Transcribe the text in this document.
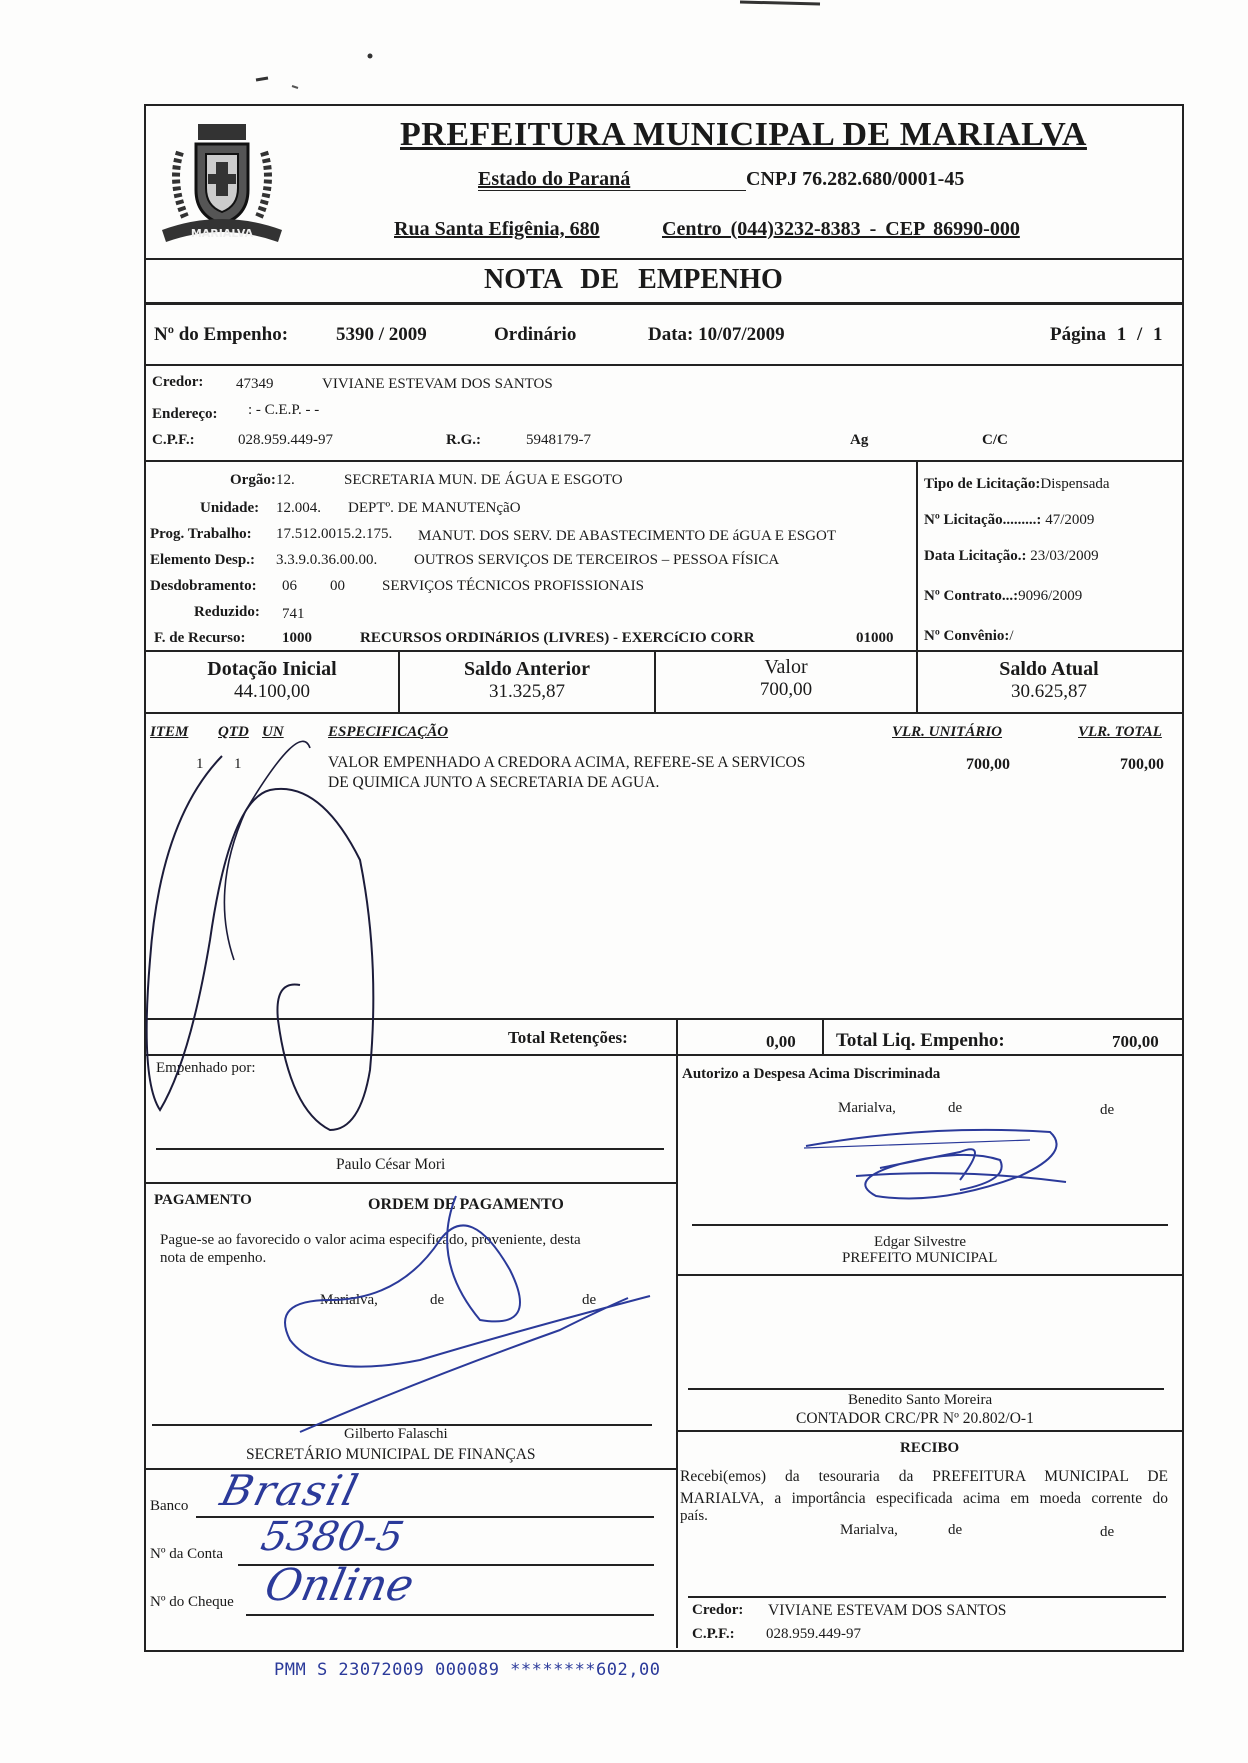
MARIALVA
PREFEITURA MUNICIPAL DE MARIALVA
Estado do Paraná	CNPJ 76.282.680/0001-45
Rua Santa Efigênia, 680	Centro (044)3232-8383 - CEP 86990-000
NOTA DE EMPENHO
Nº do Empenho:	5390 / 2009	Ordinário	Data: 10/07/2009	Página 1 / 1
Credor: 47349	VIVIANE ESTEVAM DOS SANTOS
Endereço: : - C.E.P. - -
C.P.F.:	028.959.449-97	R.G.:	5948179-7	Ag	C/C
Orgão: 12.	SECRETARIA MUN. DE ÁGUA E ESGOTO
Unidade: 12.004. DEPTº. DE MANUTENçãO
Prog. Trabalho: 17.512.0015.2.175. MANUT. DOS SERV. DE ABASTECIMENTO DE áGUA E ESGOT
Elemento Desp.: 3.3.9.0.36.00.00. OUTROS SERVIÇOS DE TERCEIROS – PESSOA FÍSICA
Desdobramento: 06 00 SERVIÇOS TÉCNICOS PROFISSIONAIS
Reduzido: 741
F. de Recurso: 1000	RECURSOS ORDINáRIOS (LIVRES) - EXERCíCIO CORR	01000
Tipo de Licitação:Dispensada
Nº Licitação.........: 47/2009
Data Licitação.: 23/03/2009
Nº Contrato...:9096/2009
Nº Convênio:/
Dotação Inicial
44.100,00
Saldo Anterior
31.325,87
Valor
700,00
Saldo Atual
30.625,87
ITEM QTD UN	ESPECIFICAÇÃO	VLR. UNITÁRIO	VLR. TOTAL
1 1	VALOR EMPENHADO A CREDORA ACIMA, REFERE-SE A SERVICOS
DE QUIMICA JUNTO A SECRETARIA DE AGUA.
700,00	700,00
Total Retenções:	0,00 Total Liq. Empenho:	700,00
Empenhado por:
Paulo César Mori
Autorizo a Despesa Acima Discriminada
Marialva,	de	de
Edgar Silvestre
PREFEITO MUNICIPAL
Benedito Santo Moreira
CONTADOR CRC/PR Nº 20.802/O-1
RECIBO
Recebi(emos) da tesouraria da PREFEITURA MUNICIPAL DE
MARIALVA, a importância especificada acima em moeda corrente do
país.
Marialva,	de	de
Credor: VIVIANE ESTEVAM DOS SANTOS
C.P.F.: 028.959.449-97
PAGAMENTO	ORDEM DE PAGAMENTO
Pague-se ao favorecido o valor acima especificado, proveniente, desta
nota de empenho.
Marialva,	de	de
Gilberto Falaschi
SECRETÁRIO MUNICIPAL DE FINANÇAS
Banco Brasil
Nº da Conta 5380-5
Nº do Cheque Online
PMM S 23072009 000089 ********602,00
